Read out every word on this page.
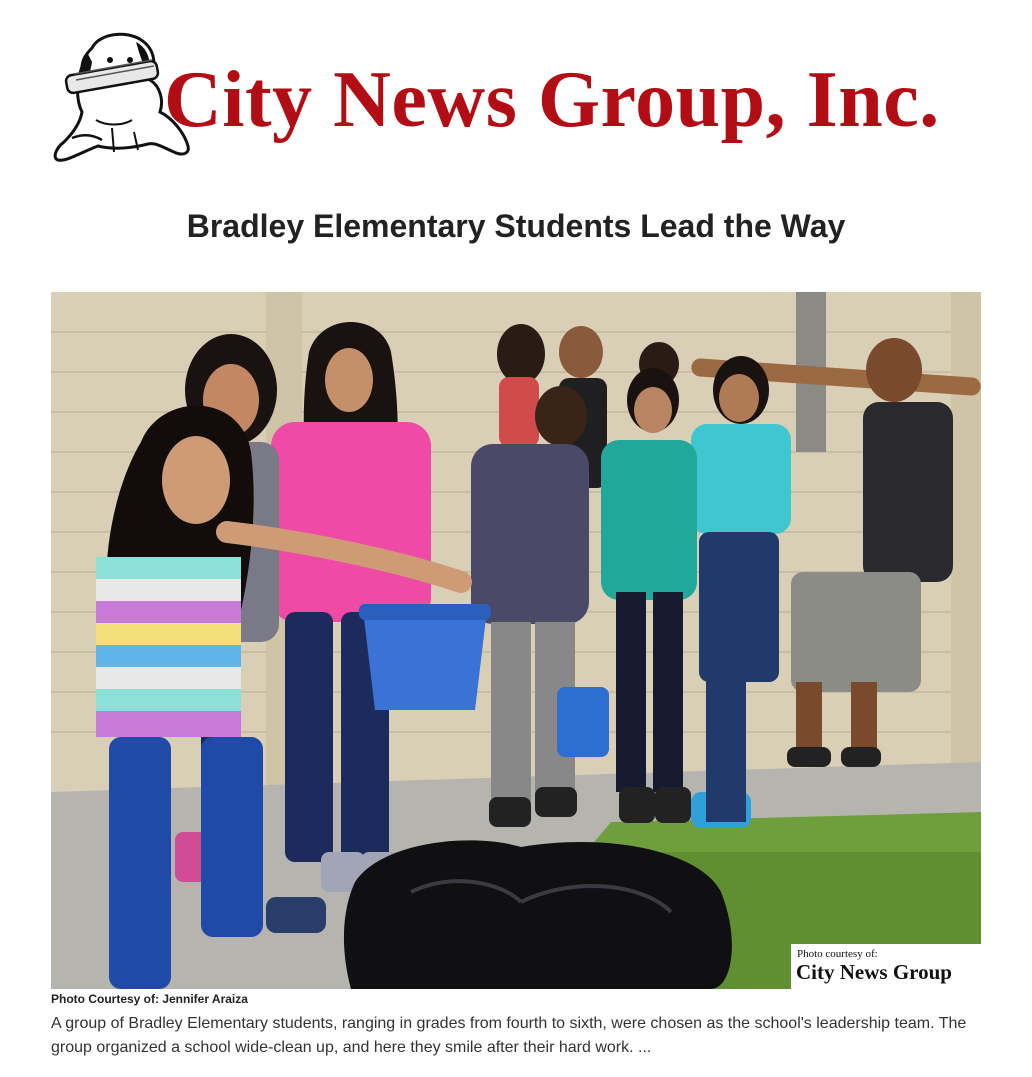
City News Group, Inc.
Bradley Elementary Students Lead the Way
Photo courtesy of:
City News Group
Photo Courtesy of: Jennifer Araiza
A group of Bradley Elementary students, ranging in grades from fourth to sixth, were chosen as the school's leadership team. The group organized a school wide-clean up, and here they smile after their hard work. ...
